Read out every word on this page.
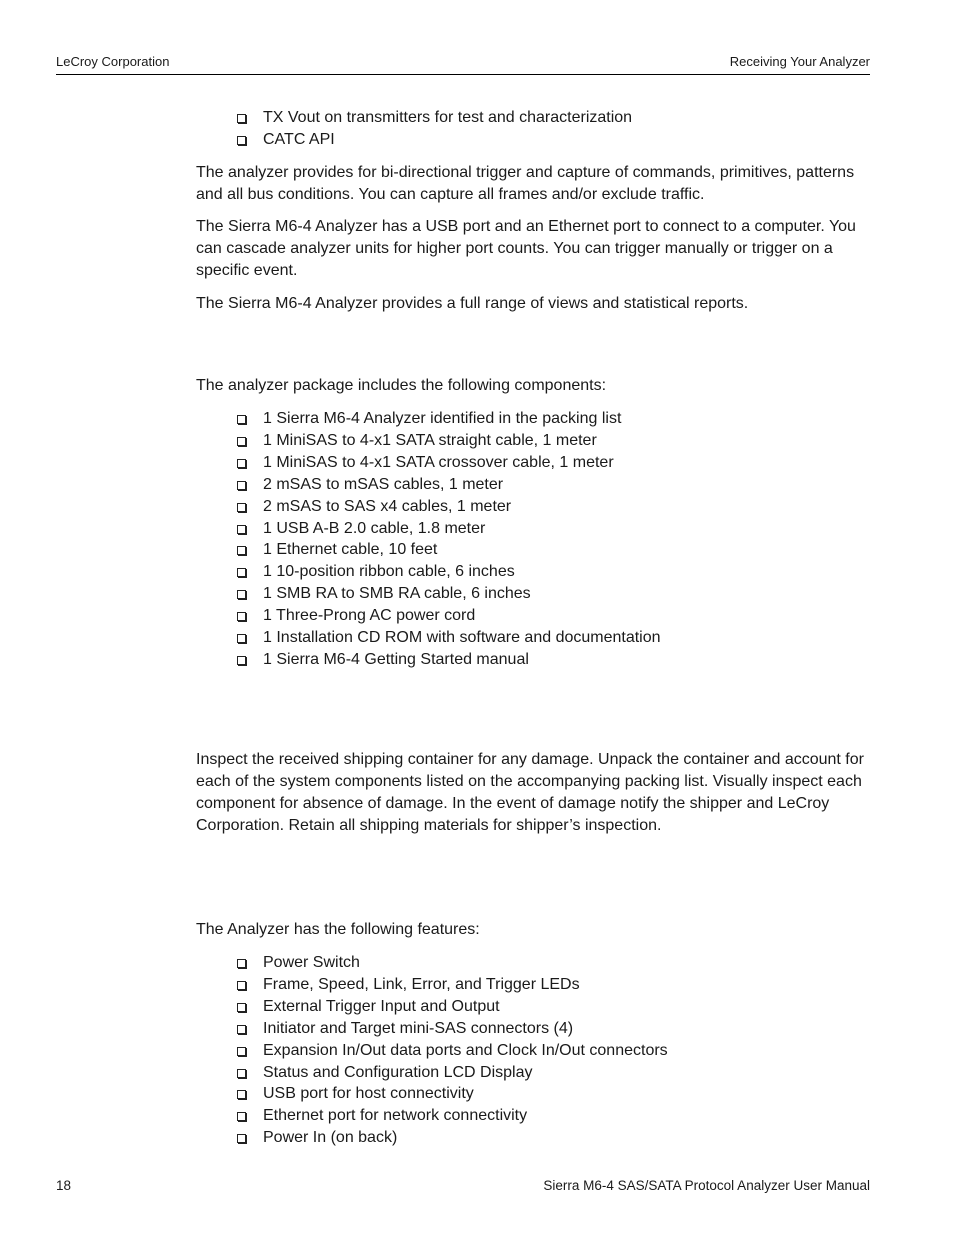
LeCroy Corporation	Receiving Your Analyzer
TX Vout on transmitters for test and characterization
CATC API

The analyzer provides for bi-directional trigger and capture of commands, primitives, patterns and all bus conditions. You can capture all frames and/or exclude traffic.

The Sierra M6-4 Analyzer has a USB port and an Ethernet port to connect to a computer. You can cascade analyzer units for higher port counts. You can trigger manually or trigger on a specific event.

The Sierra M6-4 Analyzer provides a full range of views and statistical reports.

The analyzer package includes the following components:

1 Sierra M6-4 Analyzer identified in the packing list
1 MiniSAS to 4-x1 SATA straight cable, 1 meter
1 MiniSAS to 4-x1 SATA crossover cable, 1 meter
2 mSAS to mSAS cables, 1 meter
2 mSAS to SAS x4 cables, 1 meter
1 USB A-B 2.0 cable, 1.8 meter
1 Ethernet cable, 10 feet
1 10-position ribbon cable, 6 inches
1 SMB RA to SMB RA cable, 6 inches
1 Three-Prong AC power cord
1 Installation CD ROM with software and documentation
1 Sierra M6-4 Getting Started manual

Inspect the received shipping container for any damage. Unpack the container and account for each of the system components listed on the accompanying packing list. Visually inspect each component for absence of damage. In the event of damage notify the shipper and LeCroy Corporation. Retain all shipping materials for shipper’s inspection.

The Analyzer has the following features:

Power Switch
Frame, Speed, Link, Error, and Trigger LEDs
External Trigger Input and Output
Initiator and Target mini-SAS connectors (4)
Expansion In/Out data ports and Clock In/Out connectors
Status and Configuration LCD Display
USB port for host connectivity
Ethernet port for network connectivity
Power In (on back)
18	Sierra M6-4 SAS/SATA Protocol Analyzer User Manual
